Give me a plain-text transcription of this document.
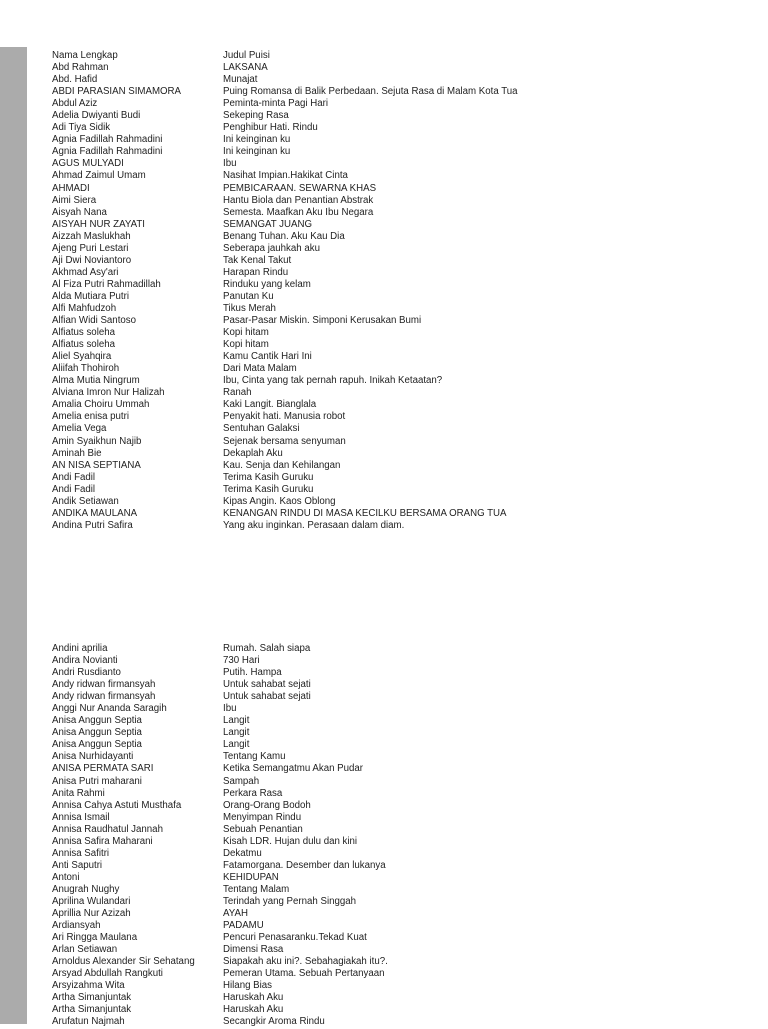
Nama Lengkap	Judul Puisi
Abd Rahman	LAKSANA
Abd. Hafid	Munajat
ABDI PARASIAN SIMAMORA	Puing Romansa di Balik Perbedaan. Sejuta Rasa di Malam Kota Tua
Abdul Aziz	Peminta-minta Pagi Hari
Adelia Dwiyanti Budi	Sekeping Rasa
Adi Tiya Sidik	Penghibur Hati. Rindu
Agnia Fadillah Rahmadini	Ini keinginan ku
Agnia Fadillah Rahmadini	Ini keinginan ku
AGUS MULYADI	Ibu
Ahmad Zaimul Umam	Nasihat Impian.Hakikat Cinta
AHMADI	PEMBICARAAN. SEWARNA KHAS
Aimi Siera	Hantu Biola dan Penantian Abstrak
Aisyah Nana	Semesta. Maafkan Aku Ibu Negara
AISYAH NUR ZAYATI	SEMANGAT JUANG
Aizzah Maslukhah	Benang Tuhan. Aku Kau Dia
Ajeng Puri Lestari	Seberapa jauhkah aku
Aji Dwi Noviantoro	Tak Kenal Takut
Akhmad Asy'ari	Harapan Rindu
Al Fiza Putri Rahmadillah	Rinduku yang kelam
Alda Mutiara Putri	Panutan Ku
Alfi Mahfudzoh	Tikus Merah
Alfian Widi Santoso	Pasar-Pasar Miskin. Simponi Kerusakan Bumi
Alfiatus soleha	Kopi hitam
Alfiatus soleha	Kopi hitam
Aliel Syahqira	Kamu Cantik Hari Ini
Aliifah Thohiroh	Dari Mata Malam
Alma Mutia Ningrum	Ibu, Cinta yang tak pernah rapuh. Inikah Ketaatan?
Alviana Imron Nur Halizah	Ranah
Amalia Choiru Ummah	Kaki Langit. Bianglala
Amelia enisa putri	Penyakit hati. Manusia robot
Amelia Vega	Sentuhan Galaksi
Amin Syaikhun Najib	Sejenak bersama senyuman
Aminah Bie	Dekaplah Aku
AN NISA SEPTIANA	Kau. Senja dan Kehilangan
Andi Fadil	Terima Kasih Guruku
Andi Fadil	Terima Kasih Guruku
Andik Setiawan	Kipas Angin. Kaos Oblong
ANDIKA MAULANA	KENANGAN RINDU DI MASA KECILKU BERSAMA ORANG TUA
Andina Putri Safira	Yang aku inginkan. Perasaan dalam diam.
Andini aprilia	Rumah. Salah siapa
Andira Novianti	730 Hari
Andri Rusdianto	Putih. Hampa
Andy ridwan firmansyah	Untuk sahabat sejati
Andy ridwan firmansyah	Untuk sahabat sejati
Anggi Nur Ananda Saragih	Ibu
Anisa Anggun Septia	Langit
Anisa Anggun Septia	Langit
Anisa Anggun Septia	Langit
Anisa Nurhidayanti	Tentang Kamu
ANISA PERMATA SARI	Ketika Semangatmu Akan Pudar
Anisa Putri maharani	Sampah
Anita Rahmi	Perkara Rasa
Annisa Cahya Astuti Musthafa	Orang-Orang Bodoh
Annisa Ismail	Menyimpan Rindu
Annisa Raudhatul Jannah	Sebuah Penantian
Annisa Safira Maharani	Kisah LDR. Hujan dulu dan kini
Annisa Safitri	Dekatmu
Anti Saputri	Fatamorgana. Desember dan lukanya
Antoni	KEHIDUPAN
Anugrah Nughy	Tentang Malam
Aprilina Wulandari	Terindah yang Pernah Singgah
Aprillia Nur Azizah	AYAH
Ardiansyah	PADAMU
Ari Ringga Maulana	Pencuri Penasaranku.Tekad Kuat
Arlan Setiawan	Dimensi Rasa
Arnoldus Alexander Sir Sehatang	Siapakah aku ini?. Sebahagiakah itu?.
Arsyad Abdullah Rangkuti	Pemeran Utama. Sebuah Pertanyaan
Arsyizahma Wita	Hilang Bias
Artha Simanjuntak	Haruskah Aku
Artha Simanjuntak	Haruskah Aku
Arufatun Najmah	Secangkir Aroma Rindu
